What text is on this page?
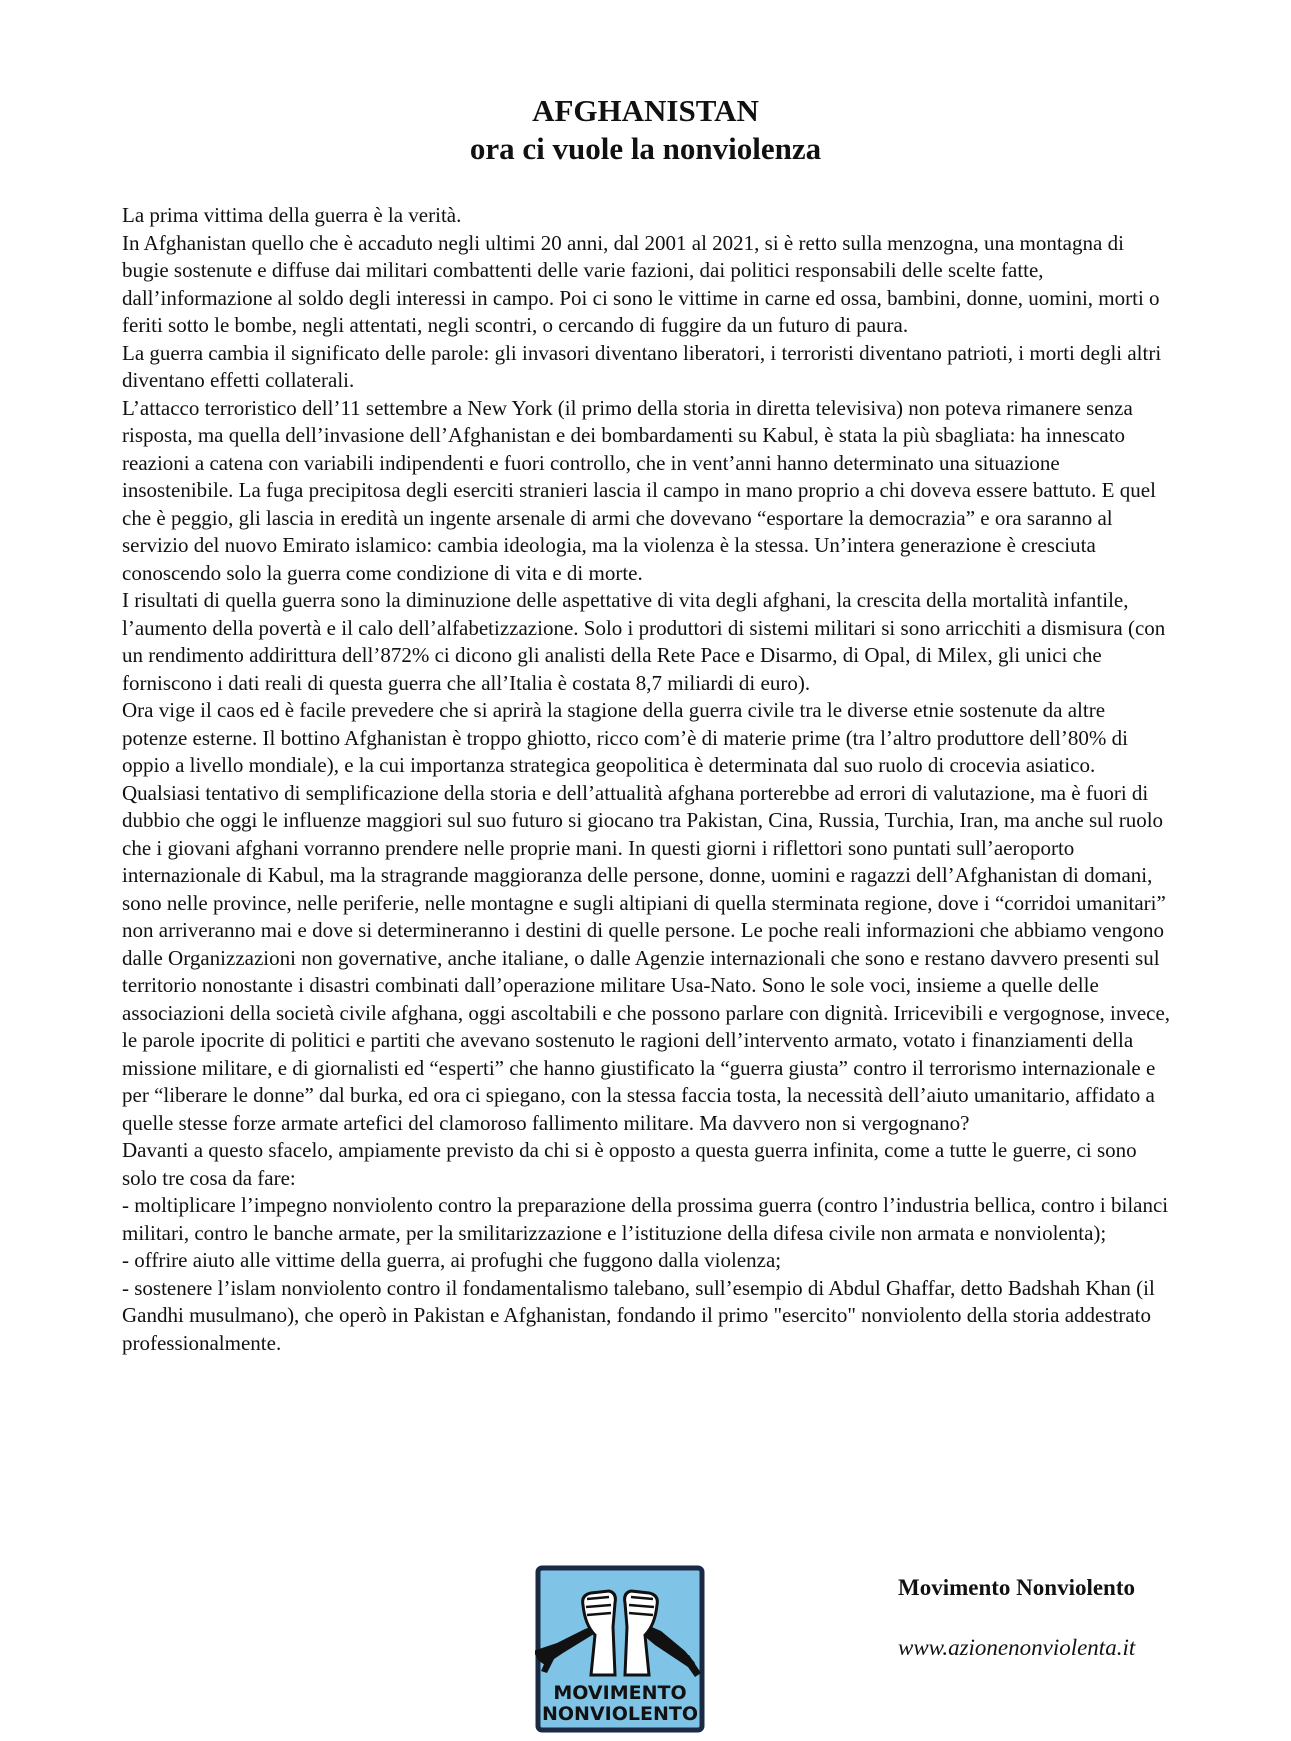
AFGHANISTAN
ora ci vuole la nonviolenza

La prima vittima della guerra è la verità.

In Afghanistan quello che è accaduto negli ultimi 20 anni, dal 2001 al 2021, si è retto sulla menzogna, una montagna di bugie sostenute e diffuse dai militari combattenti delle varie fazioni, dai politici responsabili delle scelte fatte, dall’informazione al soldo degli interessi in campo. Poi ci sono le vittime in carne ed ossa, bambini, donne, uomini, morti o feriti sotto le bombe, negli attentati, negli scontri, o cercando di fuggire da un futuro di paura.

La guerra cambia il significato delle parole: gli invasori diventano liberatori, i terroristi diventano patrioti, i morti degli altri diventano effetti collaterali.

L’attacco terroristico dell’11 settembre a New York (il primo della storia in diretta televisiva) non poteva rimanere senza risposta, ma quella dell’invasione dell’Afghanistan e dei bombardamenti su Kabul, è stata la più sbagliata: ha innescato reazioni a catena con variabili indipendenti e fuori controllo, che in vent’anni hanno determinato una situazione insostenibile. La fuga precipitosa degli eserciti stranieri lascia il campo in mano proprio a chi doveva essere battuto. E quel che è peggio, gli lascia in eredità un ingente arsenale di armi che dovevano “esportare la democrazia” e ora saranno al servizio del nuovo Emirato islamico: cambia ideologia, ma la violenza è la stessa. Un’intera generazione è cresciuta conoscendo solo la guerra come condizione di vita e di morte.

I risultati di quella guerra sono la diminuzione delle aspettative di vita degli afghani, la crescita della mortalità infantile, l’aumento della povertà e il calo dell’alfabetizzazione. Solo i produttori di sistemi militari si sono arricchiti a dismisura (con un rendimento addirittura dell’872% ci dicono gli analisti della Rete Pace e Disarmo, di Opal, di Milex, gli unici che forniscono i dati reali di questa guerra che all’Italia è costata 8,7 miliardi di euro).

Ora vige il caos ed è facile prevedere che si aprirà la stagione della guerra civile tra le diverse etnie sostenute da altre potenze esterne. Il bottino Afghanistan è troppo ghiotto, ricco com’è di materie prime (tra l’altro produttore dell’80% di oppio a livello mondiale), e la cui importanza strategica geopolitica è determinata dal suo ruolo di crocevia asiatico. Qualsiasi tentativo di semplificazione della storia e dell’attualità afghana porterebbe ad errori di valutazione, ma è fuori di dubbio che oggi le influenze maggiori sul suo futuro si giocano tra Pakistan, Cina, Russia, Turchia, Iran, ma anche sul ruolo che i giovani afghani vorranno prendere nelle proprie mani. In questi giorni i riflettori sono puntati sull’aeroporto internazionale di Kabul, ma la stragrande maggioranza delle persone, donne, uomini e ragazzi dell’Afghanistan di domani, sono nelle province, nelle periferie, nelle montagne e sugli altipiani di quella sterminata regione, dove i “corridoi umanitari” non arriveranno mai e dove si determineranno i destini di quelle persone. Le poche reali informazioni che abbiamo vengono dalle Organizzazioni non governative, anche italiane, o dalle Agenzie internazionali che sono e restano davvero presenti sul territorio nonostante i disastri combinati dall’operazione militare Usa-Nato. Sono le sole voci, insieme a quelle delle associazioni della società civile afghana, oggi ascoltabili e che possono parlare con dignità. Irricevibili e vergognose, invece, le parole ipocrite di politici e partiti che avevano sostenuto le ragioni dell’intervento armato, votato i finanziamenti della missione militare, e di giornalisti ed “esperti” che hanno giustificato la “guerra giusta” contro il terrorismo internazionale e per “liberare le donne” dal burka, ed ora ci spiegano, con la stessa faccia tosta, la necessità dell’aiuto umanitario, affidato a quelle stesse forze armate artefici del clamoroso fallimento militare. Ma davvero non si vergognano?

Davanti a questo sfacelo, ampiamente previsto da chi si è opposto a questa guerra infinita, come a tutte le guerre, ci sono solo tre cosa da fare:

- moltiplicare l’impegno nonviolento contro la preparazione della prossima guerra (contro l’industria bellica, contro i bilanci militari, contro le banche armate, per la smilitarizzazione e l’istituzione della difesa civile non armata e nonviolenta);

- offrire aiuto alle vittime della guerra, ai profughi che fuggono dalla violenza;

- sostenere l’islam nonviolento contro il fondamentalismo talebano, sull’esempio di Abdul Ghaffar, detto Badshah Khan (il Gandhi musulmano), che operò in Pakistan e Afghanistan, fondando il primo "esercito" nonviolento della storia addestrato professionalmente.

MOVIMENTO
NONVIOLENTO
Movimento Nonviolento
www.azionenonviolenta.it
